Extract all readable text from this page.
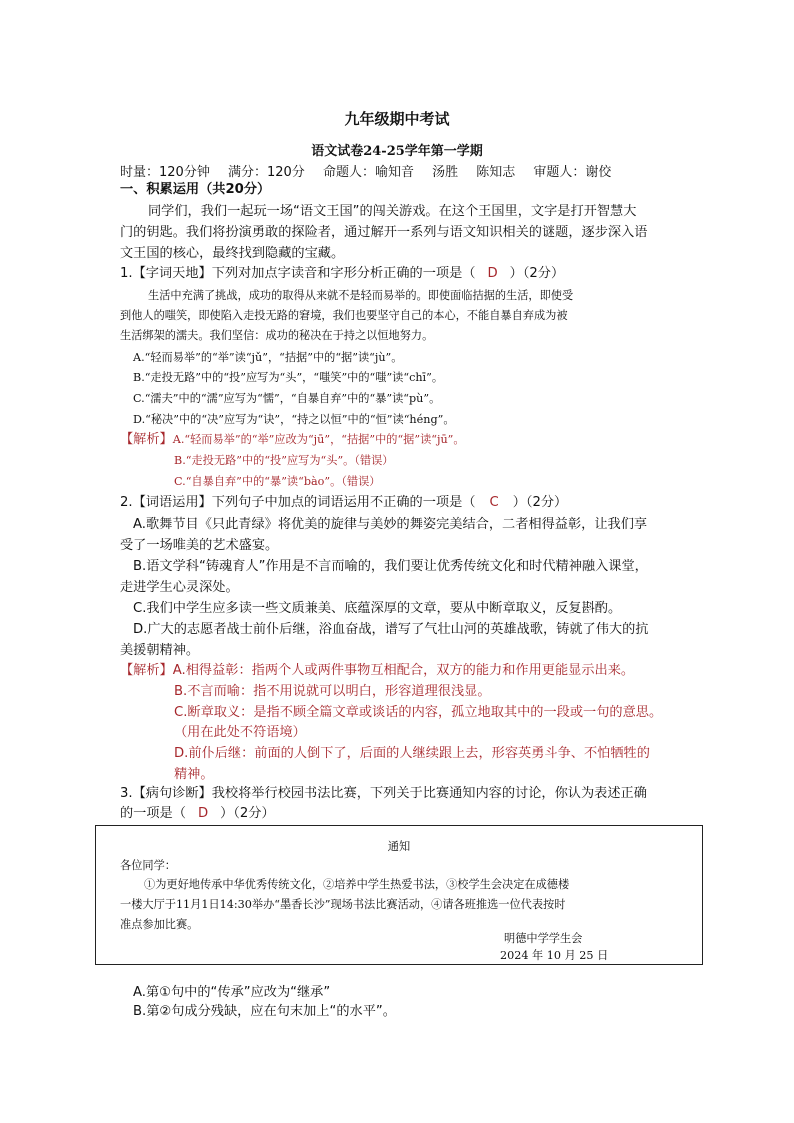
九年级期中考试
语文试卷24-25学年第一学期
时量：120分钟 满分：120分 命题人：喻知音 汤胜 陈知志 审题人：谢佼
一、积累运用（共20分）
同学们，我们一起玩一场“语文王国”的闯关游戏。在这个王国里，文字是打开智慧大
门的钥匙。我们将扮演勇敢的探险者，通过解开一系列与语文知识相关的谜题，逐步深入语
文王国的核心，最终找到隐藏的宝藏。
1.【字词天地】下列对加点字读音和字形分析正确的一项是（ D ）（2分）
生活中充满了挑战，成功的取得从来就不是轻而易举的。即使面临拮据的生活，即使受
到他人的嗤笑，即使陷入走投无路的窘境，我们也要坚守自己的本心，不能自暴自弃成为被
生活绑架的濡夫。我们坚信：成功的秘决在于持之以恒地努力。
A.“轻而易举”的“举”读“jǔ”，“拮据”中的“据”读“jù”。
B.“走投无路”中的“投”应写为“头”，“嗤笑”中的“嗤”读“chī”。
C.“濡夫”中的“濡”应写为“懦”，“自暴自弃”中的“暴”读“pù”。
D.“秘决”中的“决”应写为“诀”，“持之以恒”中的“恒”读“héng”。
【解析】A.“轻而易举”的“举”应改为“jū”，“拮据”中的“据”读“jū”。
B.“走投无路”中的“投”应写为“头”。（错误）
C.“自暴自弃”中的“暴”读“bào”。（错误）
2.【词语运用】下列句子中加点的词语运用不正确的一项是（ C ）（2分）
A.歌舞节目《只此青绿》将优美的旋律与美妙的舞姿完美结合，二者相得益彰，让我们享
受了一场唯美的艺术盛宴。
B.语文学科“铸魂育人”作用是不言而喻的，我们要让优秀传统文化和时代精神融入课堂，
走进学生心灵深处。
C.我们中学生应多读一些文质兼美、底蕴深厚的文章，要从中断章取义，反复斟酌。
D.广大的志愿者战士前仆后继，浴血奋战，谱写了气壮山河的英雄战歌，铸就了伟大的抗
美援朝精神。
【解析】A.相得益彰：指两个人或两件事物互相配合，双方的能力和作用更能显示出来。
B.不言而喻：指不用说就可以明白，形容道理很浅显。
C.断章取义：是指不顾全篇文章或谈话的内容，孤立地取其中的一段或一句的意思。
（用在此处不符语境）
D.前仆后继：前面的人倒下了，后面的人继续跟上去，形容英勇斗争、不怕牺牲的
精神。
3.【病句诊断】我校将举行校园书法比赛，下列关于比赛通知内容的讨论，你认为表述正确
的一项是（ D ）（2分）
通知
各位同学：
①为更好地传承中华优秀传统文化，②培养中学生热爱书法，③校学生会决定在成德楼
一楼大厅于11月1日14:30举办“墨香长沙”现场书法比赛活动，④请各班推选一位代表按时
准点参加比赛。
明德中学学生会
2024 年 10 月 25 日
A.第①句中的“传承”应改为“继承”
B.第②句成分残缺，应在句末加上“的水平”。
